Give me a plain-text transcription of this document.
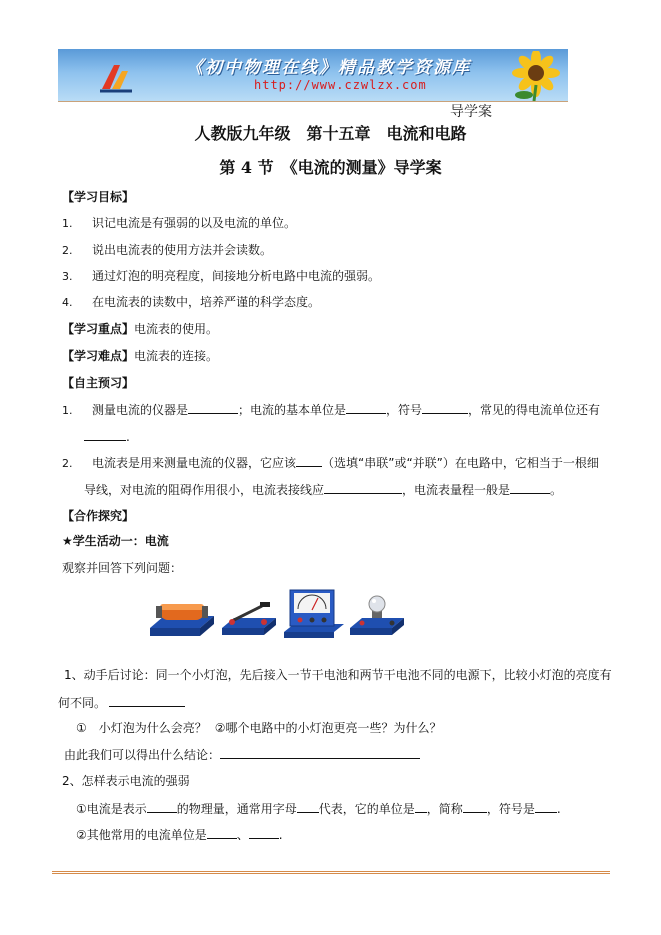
《初中物理在线》精品教学资源库
http://www.czwlzx.com
导学案
人教版九年级　第十五章　电流和电路
第 4 节　《电流的测量》导学案
【学习目标】
1. 识记电流是有强弱的以及电流的单位。
2. 说出电流表的使用方法并会读数。
3. 通过灯泡的明亮程度，间接地分析电路中电流的强弱。
4. 在电流表的读数中，培养严谨的科学态度。
【学习重点】电流表的使用。
【学习难点】电流表的连接。
【自主预习】
1. 测量电流的仪器是	；电流的基本单位是	，符号	，常见的得电流单位还有
.
2. 电流表是用来测量电流的仪器，它应该 （选填“串联”或“并联”）在电路中，它相当于一根细
导线，对电流的阻碍作用很小，电流表接线应	，电流表量程一般是	。
【合作探究】
★学生活动一：电流
观察并回答下列问题：
1、动手后讨论：同一个小灯泡，先后接入一节干电池和两节干电池不同的电源下，比较小灯泡的亮度有
何不同。
①　小灯泡为什么会亮？ ②哪个电路中的小灯泡更亮一些？为什么？
由此我们可以得出什么结论：
2、怎样表示电流的强弱
①电流是表示	的物理量，通常用字母 代表，它的单位是 ，简称 ，符号是 .
②其他常用的电流单位是	、	.
